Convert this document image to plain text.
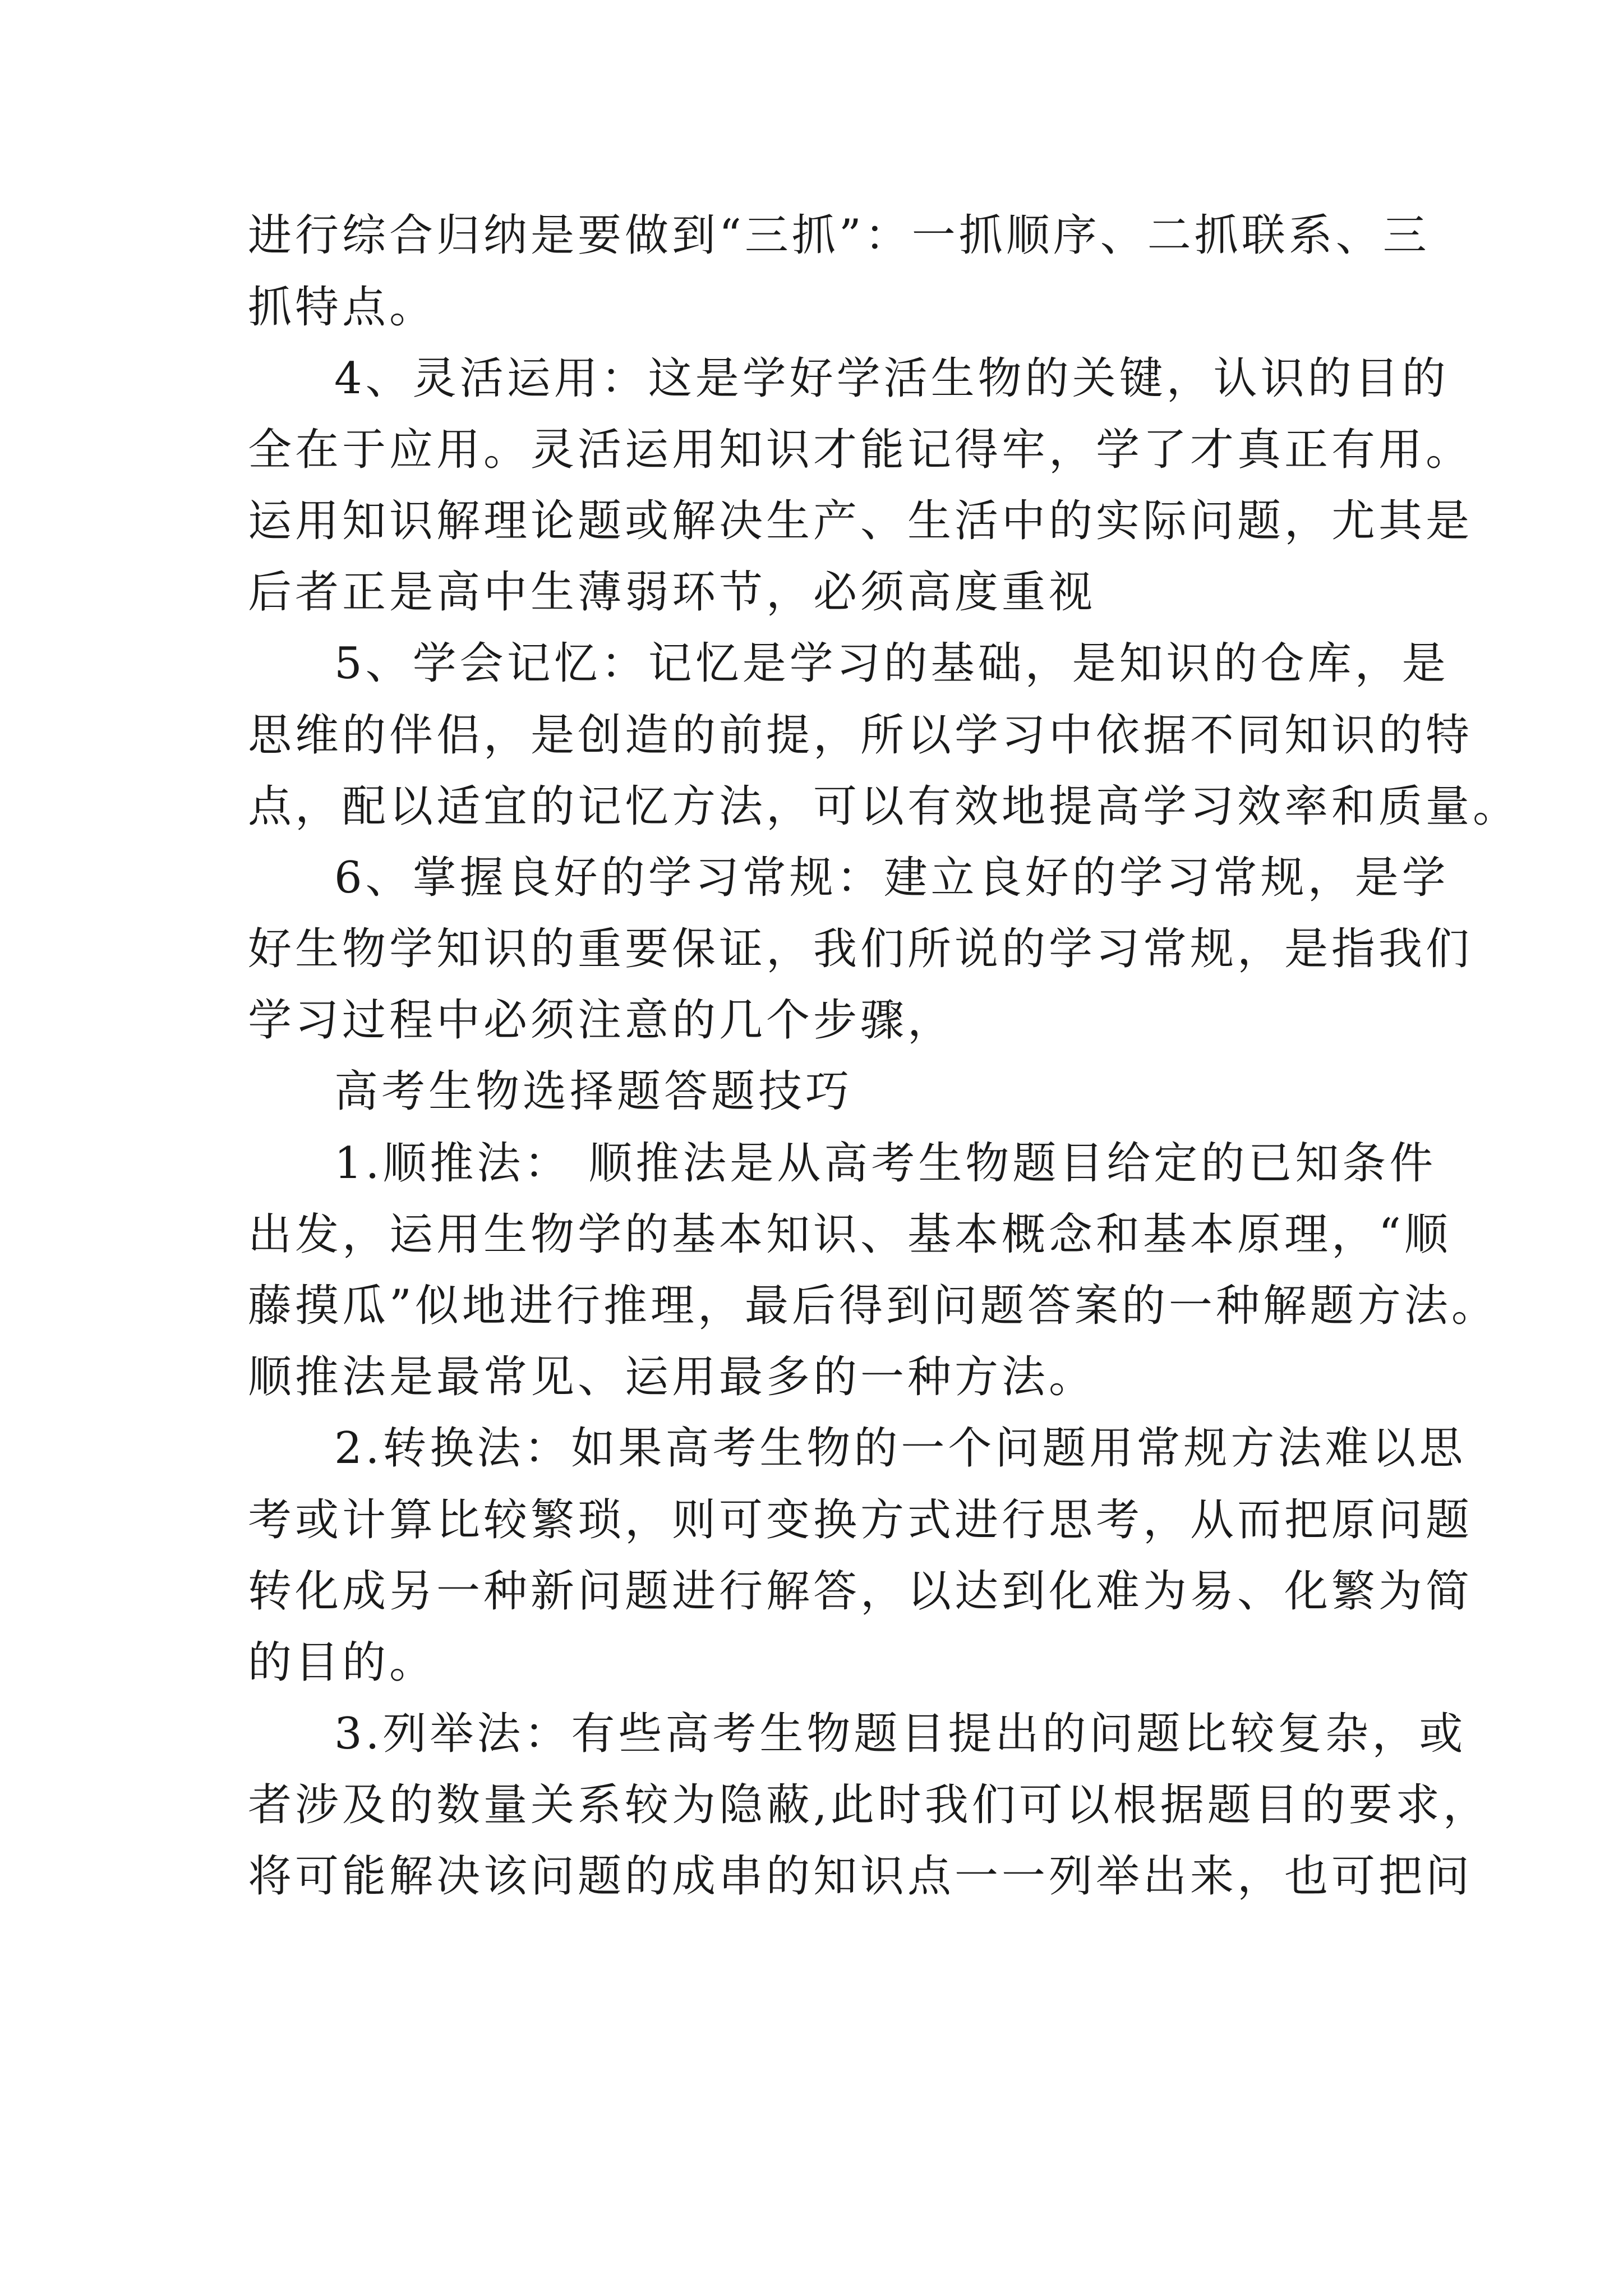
进行综合归纳是要做到“三抓”：一抓顺序、二抓联系、三
抓特点。
4、灵活运用：这是学好学活生物的关键，认识的目的
全在于应用。灵活运用知识才能记得牢，学了才真正有用。
运用知识解理论题或解决生产、生活中的实际问题，尤其是
后者正是高中生薄弱环节，必须高度重视
5、学会记忆：记忆是学习的基础，是知识的仓库，是
思维的伴侣，是创造的前提，所以学习中依据不同知识的特
点，配以适宜的记忆方法，可以有效地提高学习效率和质量。
6、掌握良好的学习常规：建立良好的学习常规，是学
好生物学知识的重要保证，我们所说的学习常规，是指我们
学习过程中必须注意的几个步骤，
高考生物选择题答题技巧
1.顺推法： 顺推法是从高考生物题目给定的已知条件
出发，运用生物学的基本知识、基本概念和基本原理，“顺
藤摸瓜”似地进行推理，最后得到问题答案的一种解题方法。
顺推法是最常见、运用最多的一种方法。
2.转换法：如果高考生物的一个问题用常规方法难以思
考或计算比较繁琐，则可变换方式进行思考，从而把原问题
转化成另一种新问题进行解答，以达到化难为易、化繁为简
的目的。
3.列举法：有些高考生物题目提出的问题比较复杂，或
者涉及的数量关系较为隐蔽,此时我们可以根据题目的要求，
将可能解决该问题的成串的知识点一一列举出来，也可把问
